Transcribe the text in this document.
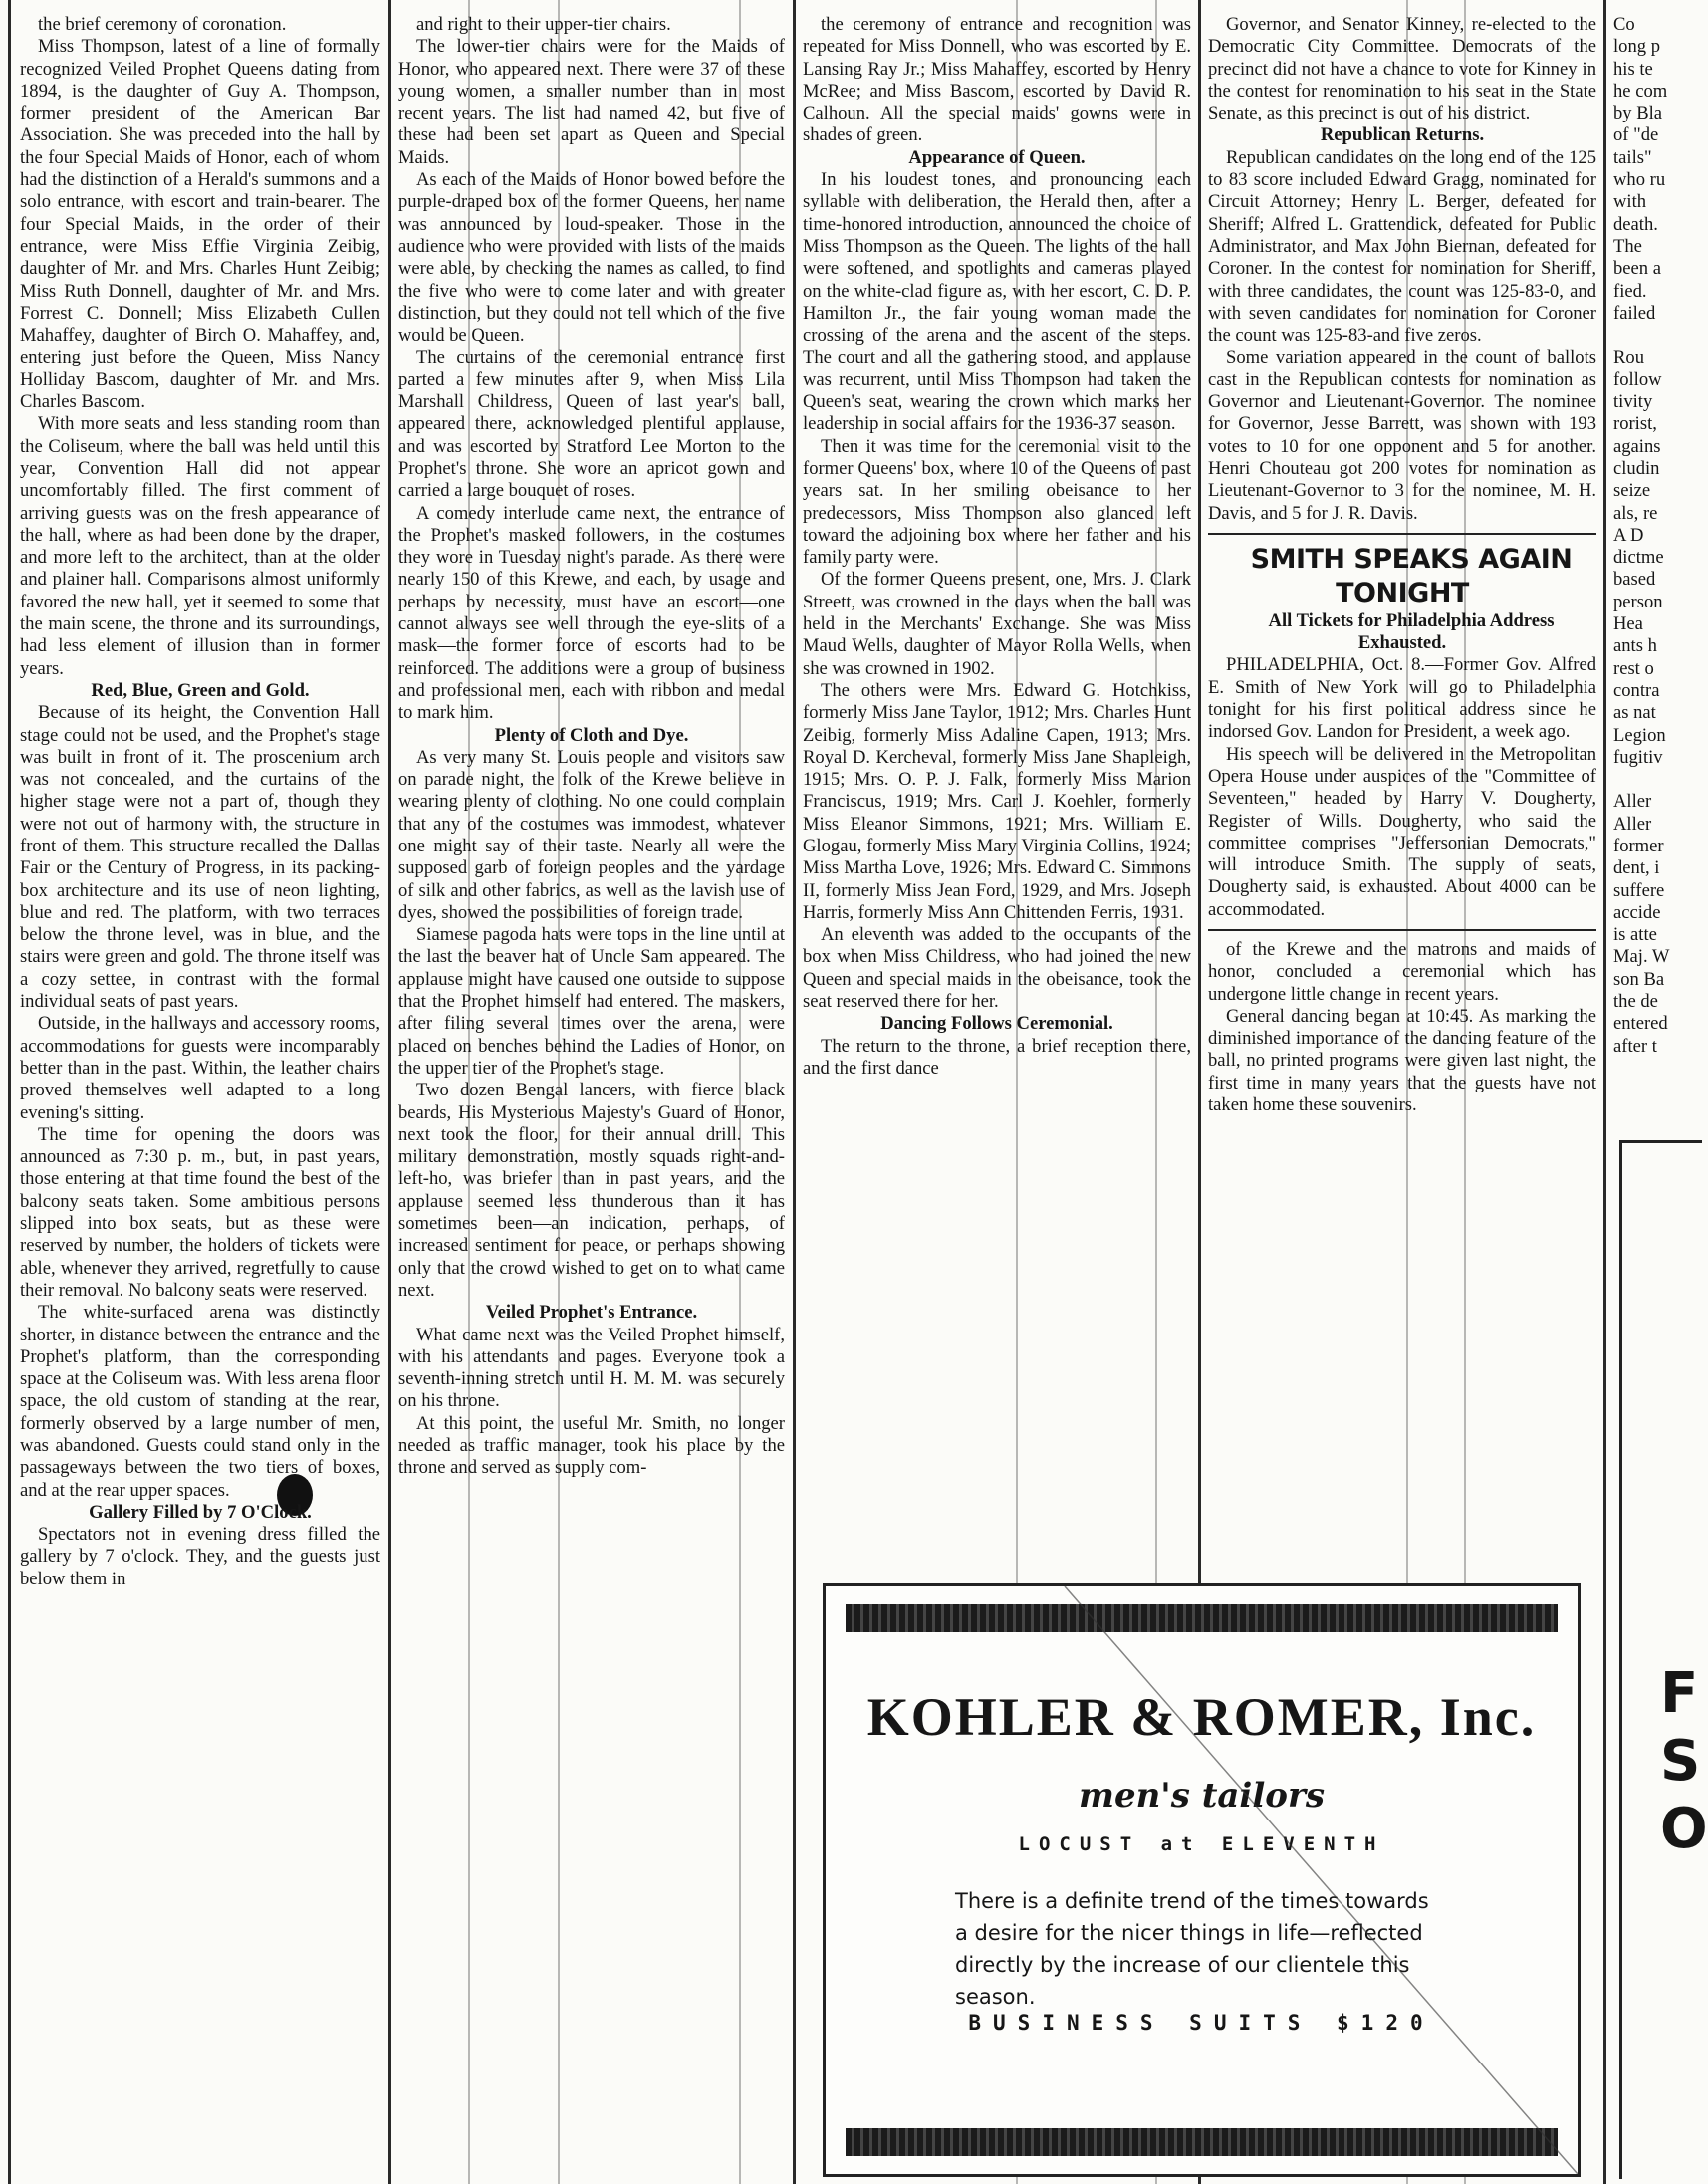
the brief ceremony of coronation.

Miss Thompson, latest of a line of formally recognized Veiled Prophet Queens dating from 1894, is the daughter of Guy A. Thompson, former president of the American Bar Association. She was preceded into the hall by the four Special Maids of Honor, each of whom had the distinction of a Herald's summons and a solo entrance, with escort and train-bearer. The four Special Maids, in the order of their entrance, were Miss Effie Virginia Zeibig, daughter of Mr. and Mrs. Charles Hunt Zeibig; Miss Ruth Donnell, daughter of Mr. and Mrs. Forrest C. Donnell; Miss Elizabeth Cullen Mahaffey, daughter of Birch O. Mahaffey, and, entering just before the Queen, Miss Nancy Holliday Bascom, daughter of Mr. and Mrs. Charles Bascom.

With more seats and less standing room than the Coliseum, where the ball was held until this year, Convention Hall did not appear uncomfortably filled. The first comment of arriving guests was on the fresh appearance of the hall, where as had been done by the draper, and more left to the architect, than at the older and plainer hall. Comparisons almost uniformly favored the new hall, yet it seemed to some that the main scene, the throne and its surroundings, had less element of illusion than in former years.

Red, Blue, Green and Gold.

Because of its height, the Convention Hall stage could not be used, and the Prophet's stage was built in front of it. The proscenium arch was not concealed, and the curtains of the higher stage were not a part of, though they were not out of harmony with, the structure in front of them. This structure recalled the Dallas Fair or the Century of Progress, in its packing-box architecture and its use of neon lighting, blue and red. The platform, with two terraces below the throne level, was in blue, and the stairs were green and gold. The throne itself was a cozy settee, in contrast with the formal individual seats of past years.

Outside, in the hallways and accessory rooms, accommodations for guests were incomparably better than in the past. Within, the leather chairs proved themselves well adapted to a long evening's sitting.

The time for opening the doors was announced as 7:30 p. m., but, in past years, those entering at that time found the best of the balcony seats taken. Some ambitious persons slipped into box seats, but as these were reserved by number, the holders of tickets were able, whenever they arrived, regretfully to cause their removal. No balcony seats were reserved.

The white-surfaced arena was distinctly shorter, in distance between the entrance and the Prophet's platform, than the corresponding space at the Coliseum was. With less arena floor space, the old custom of standing at the rear, formerly observed by a large number of men, was abandoned. Guests could stand only in the passageways between the two tiers of boxes, and at the rear upper spaces.

Gallery Filled by 7 O'Clock.

Spectators not in evening dress filled the gallery by 7 o'clock. They, and the guests just below them in

and right to their upper-tier chairs.

The lower-tier chairs were for the Maids of Honor, who appeared next. There were 37 of these young women, a smaller number than in most recent years. The list had named 42, but five of these had been set apart as Queen and Special Maids.

As each of the Maids of Honor bowed before the purple-draped box of the former Queens, her name was announced by loud-speaker. Those in the audience who were provided with lists of the maids were able, by checking the names as called, to find the five who were to come later and with greater distinction, but they could not tell which of the five would be Queen.

The curtains of the ceremonial entrance first parted a few minutes after 9, when Miss Lila Marshall Childress, Queen of last year's ball, appeared there, acknowledged plentiful applause, and was escorted by Stratford Lee Morton to the Prophet's throne. She wore an apricot gown and carried a large bouquet of roses.

A comedy interlude came next, the entrance of the Prophet's masked followers, in the costumes they wore in Tuesday night's parade. As there were nearly 150 of this Krewe, and each, by usage and perhaps by necessity, must have an escort—one cannot always see well through the eye-slits of a mask—the former force of escorts had to be reinforced. The additions were a group of business and professional men, each with ribbon and medal to mark him.

Plenty of Cloth and Dye.

As very many St. Louis people and visitors saw on parade night, the folk of the Krewe believe in wearing plenty of clothing. No one could complain that any of the costumes was immodest, whatever one might say of their taste. Nearly all were the supposed garb of foreign peoples and the yardage of silk and other fabrics, as well as the lavish use of dyes, showed the possibilities of foreign trade.

Siamese pagoda hats were tops in the line until at the last the beaver hat of Uncle Sam appeared. The applause might have caused one outside to suppose that the Prophet himself had entered. The maskers, after filing several times over the arena, were placed on benches behind the Ladies of Honor, on the upper tier of the Prophet's stage.

Two dozen Bengal lancers, with fierce black beards, His Mysterious Majesty's Guard of Honor, next took the floor, for their annual drill. This military demonstration, mostly squads right-and-left-ho, was briefer than in past years, and the applause seemed less thunderous than it has sometimes been—an indication, perhaps, of increased sentiment for peace, or perhaps showing only that the crowd wished to get on to what came next.

Veiled Prophet's Entrance.

What came next was the Veiled Prophet himself, with his attendants and pages. Everyone took a seventh-inning stretch until H. M. M. was securely on his throne.

At this point, the useful Mr. Smith, no longer needed as traffic manager, took his place by the throne and served as supply com-

the ceremony of entrance and recognition was repeated for Miss Donnell, who was escorted by E. Lansing Ray Jr.; Miss Mahaffey, escorted by Henry McRee; and Miss Bascom, escorted by David R. Calhoun. All the special maids' gowns were in shades of green.

Appearance of Queen.

In his loudest tones, and pronouncing each syllable with deliberation, the Herald then, after a time-honored introduction, announced the choice of Miss Thompson as the Queen. The lights of the hall were softened, and spotlights and cameras played on the white-clad figure as, with her escort, C. D. P. Hamilton Jr., the fair young woman made the crossing of the arena and the ascent of the steps. The court and all the gathering stood, and applause was recurrent, until Miss Thompson had taken the Queen's seat, wearing the crown which marks her leadership in social affairs for the 1936-37 season.

Then it was time for the ceremonial visit to the former Queens' box, where 10 of the Queens of past years sat. In her smiling obeisance to her predecessors, Miss Thompson also glanced left toward the adjoining box where her father and his family party were.

Of the former Queens present, one, Mrs. J. Clark Streett, was crowned in the days when the ball was held in the Merchants' Exchange. She was Miss Maud Wells, daughter of Mayor Rolla Wells, when she was crowned in 1902.

The others were Mrs. Edward G. Hotchkiss, formerly Miss Jane Taylor, 1912; Mrs. Charles Hunt Zeibig, formerly Miss Adaline Capen, 1913; Mrs. Royal D. Kercheval, formerly Miss Jane Shapleigh, 1915; Mrs. O. P. J. Falk, formerly Miss Marion Franciscus, 1919; Mrs. Carl J. Koehler, formerly Miss Eleanor Simmons, 1921; Mrs. William E. Glogau, formerly Miss Mary Virginia Collins, 1924; Miss Martha Love, 1926; Mrs. Edward C. Simmons II, formerly Miss Jean Ford, 1929, and Mrs. Joseph Harris, formerly Miss Ann Chittenden Ferris, 1931.

An eleventh was added to the occupants of the box when Miss Childress, who had joined the new Queen and special maids in the obeisance, took the seat reserved there for her.

Dancing Follows Ceremonial.

The return to the throne, a brief reception there, and the first dance

Governor, and Senator Kinney, re-elected to the Democratic City Committee. Democrats of the precinct did not have a chance to vote for Kinney in the contest for renomination to his seat in the State Senate, as this precinct is out of his district.

Republican Returns.

Republican candidates on the long end of the 125 to 83 score included Edward Gragg, nominated for Circuit Attorney; Henry L. Berger, defeated for Sheriff; Alfred L. Grattendick, defeated for Public Administrator, and Max John Biernan, defeated for Coroner. In the contest for nomination for Sheriff, with three candidates, the count was 125-83-0, and with seven candidates for nomination for Coroner the count was 125-83-and five zeros.

Some variation appeared in the count of ballots cast in the Republican contests for nomination as Governor and Lieutenant-Governor. The nominee for Governor, Jesse Barrett, was shown with 193 votes to 10 for one opponent and 5 for another. Henri Chouteau got 200 votes for nomination as Lieutenant-Governor to 3 for the nominee, M. H. Davis, and 5 for J. R. Davis.

SMITH SPEAKS AGAIN TONIGHT

All Tickets for Philadelphia Address Exhausted.

PHILADELPHIA, Oct. 8.—Former Gov. Alfred E. Smith of New York will go to Philadelphia tonight for his first political address since he indorsed Gov. Landon for President, a week ago.

His speech will be delivered in the Metropolitan Opera House under auspices of the "Committee of Seventeen," headed by Harry V. Dougherty, Register of Wills. Dougherty, who said the committee comprises "Jeffersonian Democrats," will introduce Smith. The supply of seats, Dougherty said, is exhausted. About 4000 can be accommodated.

of the Krewe and the matrons and maids of honor, concluded a ceremonial which has undergone little change in recent years.

General dancing began at 10:45. As marking the diminished importance of the dancing feature of the ball, no printed programs were given last night, the first time in many years that the guests have not taken home these souvenirs.

Co
long p
his te
he com
by Bla
of "de
tails"
who ru
with
death.
The
been a
fied.
failed

Rou
follow
tivity
rorist,
agains
cludin
seize
als, re
A D
dictme
based
person
Hea
ants h
rest o
contra
as nat
Legion
fugitiv

Aller
Aller
former
dent, i
suffere
accide
is atte
Maj. W
son Ba
the de
entered
after t
F
S
O
KOHLER & ROMER, Inc.
men's tailors
LOCUST at ELEVENTH
There is a definite trend of the times towards a desire for the nicer things in life—reflected directly by the increase of our clientele this season.
BUSINESS SUITS $120
